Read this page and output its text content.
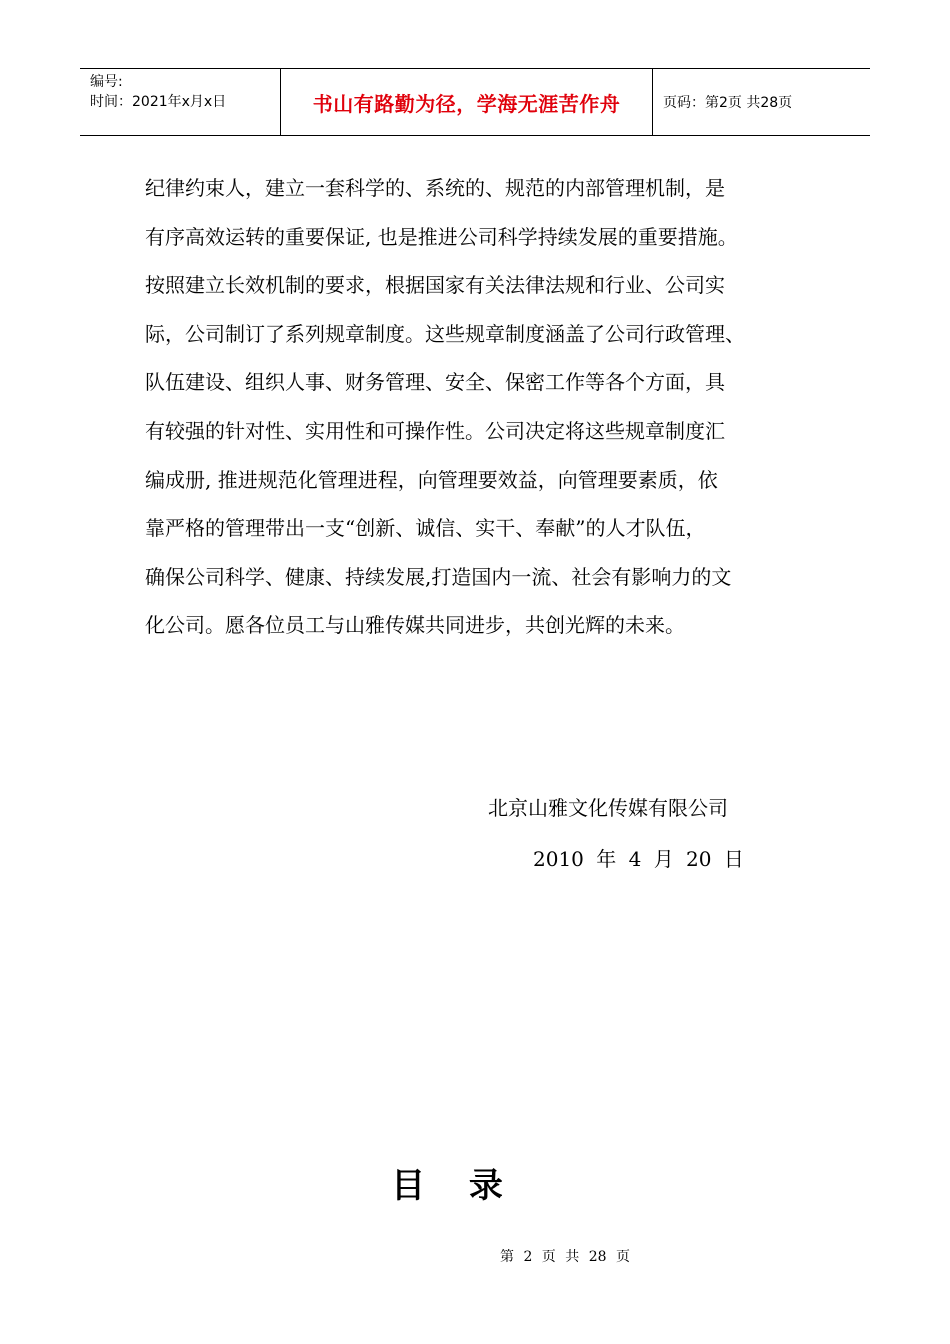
编号:
时间：2021年x月x日	书山有路勤为径，学海无涯苦作舟	页码：第2页 共28页
纪律约束人，建立一套科学的、系统的、规范的内部管理机制，是
有序高效运转的重要保证, 也是推进公司科学持续发展的重要措施。
按照建立长效机制的要求，根据国家有关法律法规和行业、公司实
际，公司制订了系列规章制度。这些规章制度涵盖了公司行政管理、
队伍建设、组织人事、财务管理、安全、保密工作等各个方面，具
有较强的针对性、实用性和可操作性。公司决定将这些规章制度汇
编成册, 推进规范化管理进程，向管理要效益，向管理要素质，依
靠严格的管理带出一支“创新、诚信、实干、奉献”的人才队伍，
确保公司科学、健康、持续发展,打造国内一流、社会有影响力的文
化公司。愿各位员工与山雅传媒共同进步，共创光辉的未来。
北京山雅文化传媒有限公司
2010 年 4 月 20 日
目 录
第 2 页 共 28 页
